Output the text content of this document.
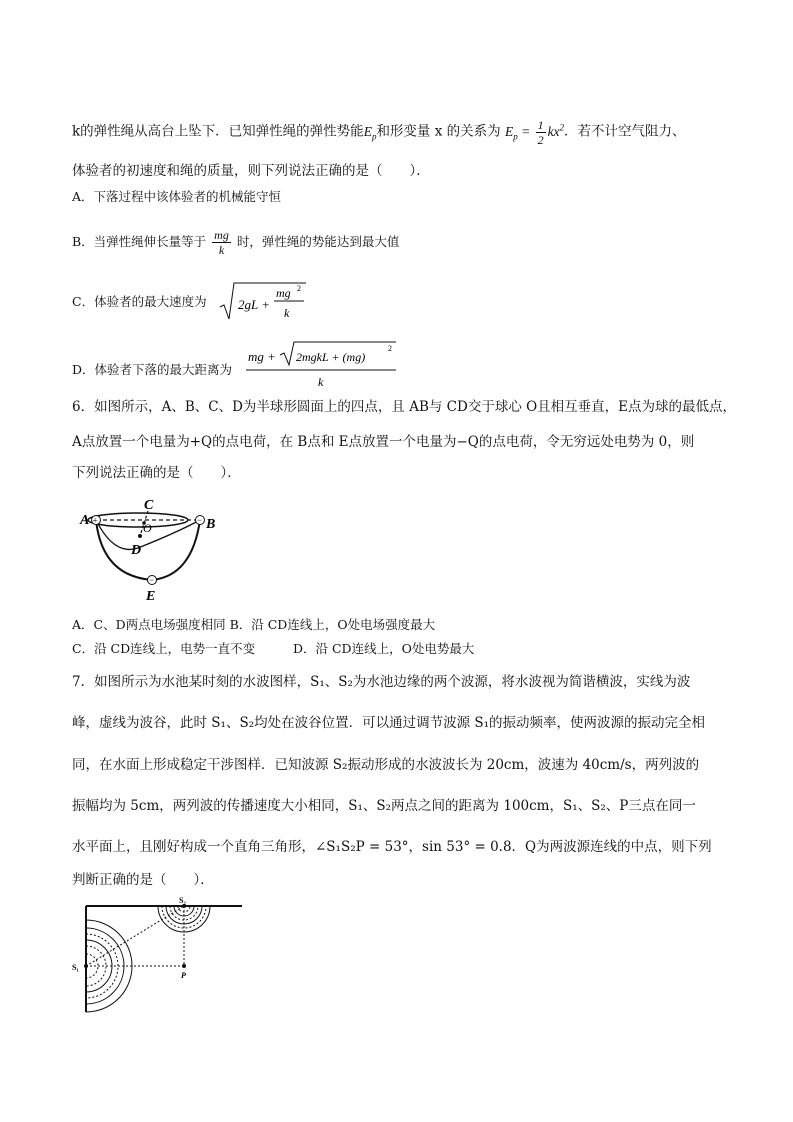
k的弹性绳从高台上坠下．已知弹性绳的弹性势能$E_p$和形变量 x 的关系为 $E_p = \frac{1}{2} kx^2$．若不计空气阻力、
体验者的初速度和绳的质量，则下列说法正确的是（　　）．
A．下落过程中该体验者的机械能守恒
B．当弹性绳伸长量等于 $\frac{mg}{k}$ 时，弹性绳的势能达到最大值
C．体验者的最大速度为 2gL +
mg 2
k
D．体验者下落的最大距离为
mg + 2mgkL + (mg)
2
k
6．如图所示，A、B、C、D为半球形圆面上的四点，且 AB与 CD交于球心 O且相互垂直，E点为球的最低点，
A点放置一个电量为+Q的点电荷，在 B点和 E点放置一个电量为−Q的点电荷，令无穷远处电势为 0，则
下列说法正确的是（　　）．
+	−
−
A	B
C
O
D
E
A．C、D两点电场强度相同 B．沿 CD连线上，O处电场强度最大
C．沿 CD连线上，电势一直不变	D．沿 CD连线上，O处电势最大
7．如图所示为水池某时刻的水波图样，S₁、S₂为水池边缘的两个波源，将水波视为简谐横波，实线为波
峰，虚线为波谷，此时 S₁、S₂均处在波谷位置．可以通过调节波源 S₁的振动频率，使两波源的振动完全相
同，在水面上形成稳定干涉图样．已知波源 S₂振动形成的水波波长为 20cm，波速为 40cm/s，两列波的
振幅均为 5cm，两列波的传播速度大小相同，S₁、S₂两点之间的距离为 100cm，S₁、S₂、P三点在同一
水平面上，且刚好构成一个直角三角形，∠S₁S₂P = 53°，sin 53° = 0.8．Q为两波源连线的中点，则下列
判断正确的是（　　）．
S₁
S₂
P
